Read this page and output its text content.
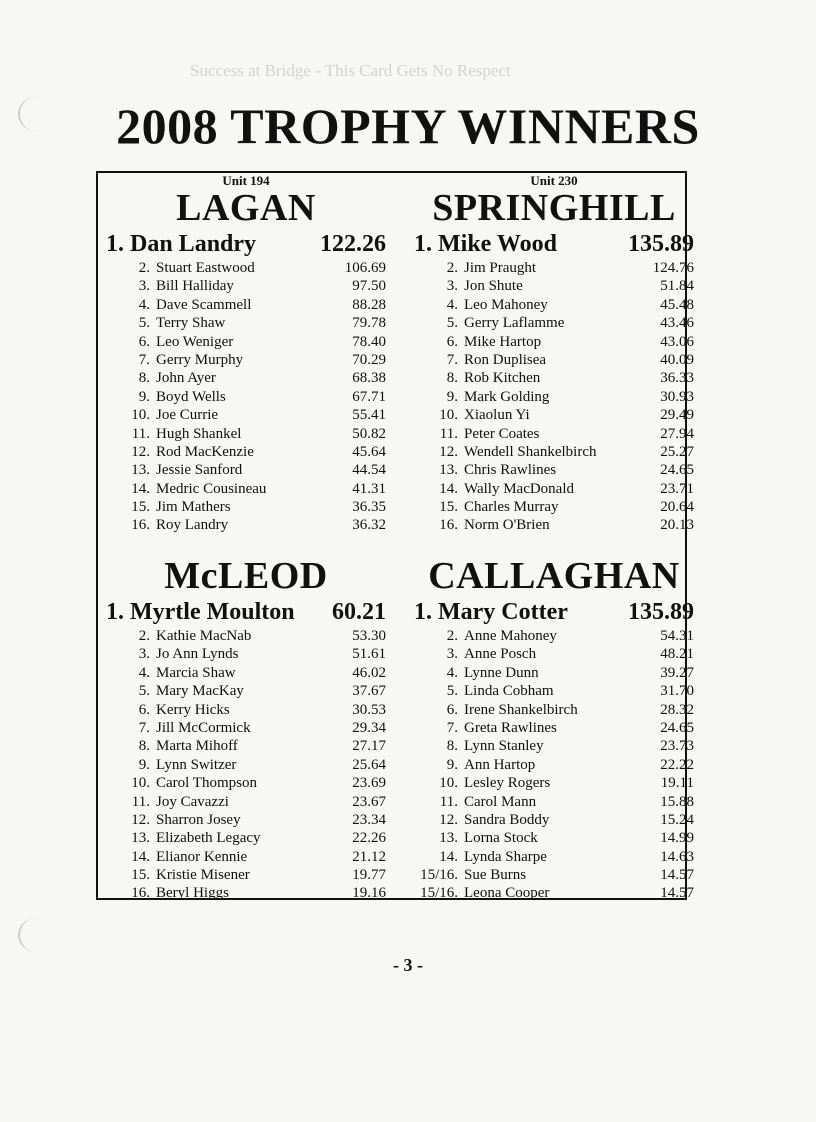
Success at Bridge - This Card Gets No Respect
2008 TROPHY WINNERS
Unit 194
LAGAN
1. Dan Landry	122.26
2. Stuart Eastwood	106.69
3. Bill Halliday	97.50
4. Dave Scammell	88.28
5. Terry Shaw	79.78
6. Leo Weniger	78.40
7. Gerry Murphy	70.29
8. John Ayer	68.38
9. Boyd Wells	67.71
10. Joe Currie	55.41
11. Hugh Shankel	50.82
12. Rod MacKenzie	45.64
13. Jessie Sanford	44.54
14. Medric Cousineau	41.31
15. Jim Mathers	36.35
16. Roy Landry	36.32
Unit 230
SPRINGHILL
1. Mike Wood	135.89
2. Jim Praught	124.76
3. Jon Shute	51.84
4. Leo Mahoney	45.48
5. Gerry Laflamme	43.46
6. Mike Hartop	43.06
7. Ron Duplisea	40.09
8. Rob Kitchen	36.33
9. Mark Golding	30.93
10. Xiaolun Yi	29.49
11. Peter Coates	27.94
12. Wendell Shankelbirch	25.27
13. Chris Rawlines	24.65
14. Wally MacDonald	23.71
15. Charles Murray	20.64
16. Norm O'Brien	20.13
McLEOD
1. Myrtle Moulton 60.21
2. Kathie MacNab	53.30
3. Jo Ann Lynds	51.61
4. Marcia Shaw	46.02
5. Mary MacKay	37.67
6. Kerry Hicks	30.53
7. Jill McCormick	29.34
8. Marta Mihoff	27.17
9. Lynn Switzer	25.64
10. Carol Thompson	23.69
11. Joy Cavazzi	23.67
12. Sharron Josey	23.34
13. Elizabeth Legacy	22.26
14. Elianor Kennie	21.12
15. Kristie Misener	19.77
16. Beryl Higgs	19.16
CALLAGHAN
1. Mary Cotter	135.89
2. Anne Mahoney	54.31
3. Anne Posch	48.21
4. Lynne Dunn	39.27
5. Linda Cobham	31.70
6. Irene Shankelbirch	28.32
7. Greta Rawlines	24.65
8. Lynn Stanley	23.73
9. Ann Hartop	22.22
10. Lesley Rogers	19.11
11. Carol Mann	15.88
12. Sandra Boddy	15.24
13. Lorna Stock	14.99
14. Lynda Sharpe	14.63
15/16. Sue Burns	14.57
15/16. Leona Cooper	14.57
- 3 -
